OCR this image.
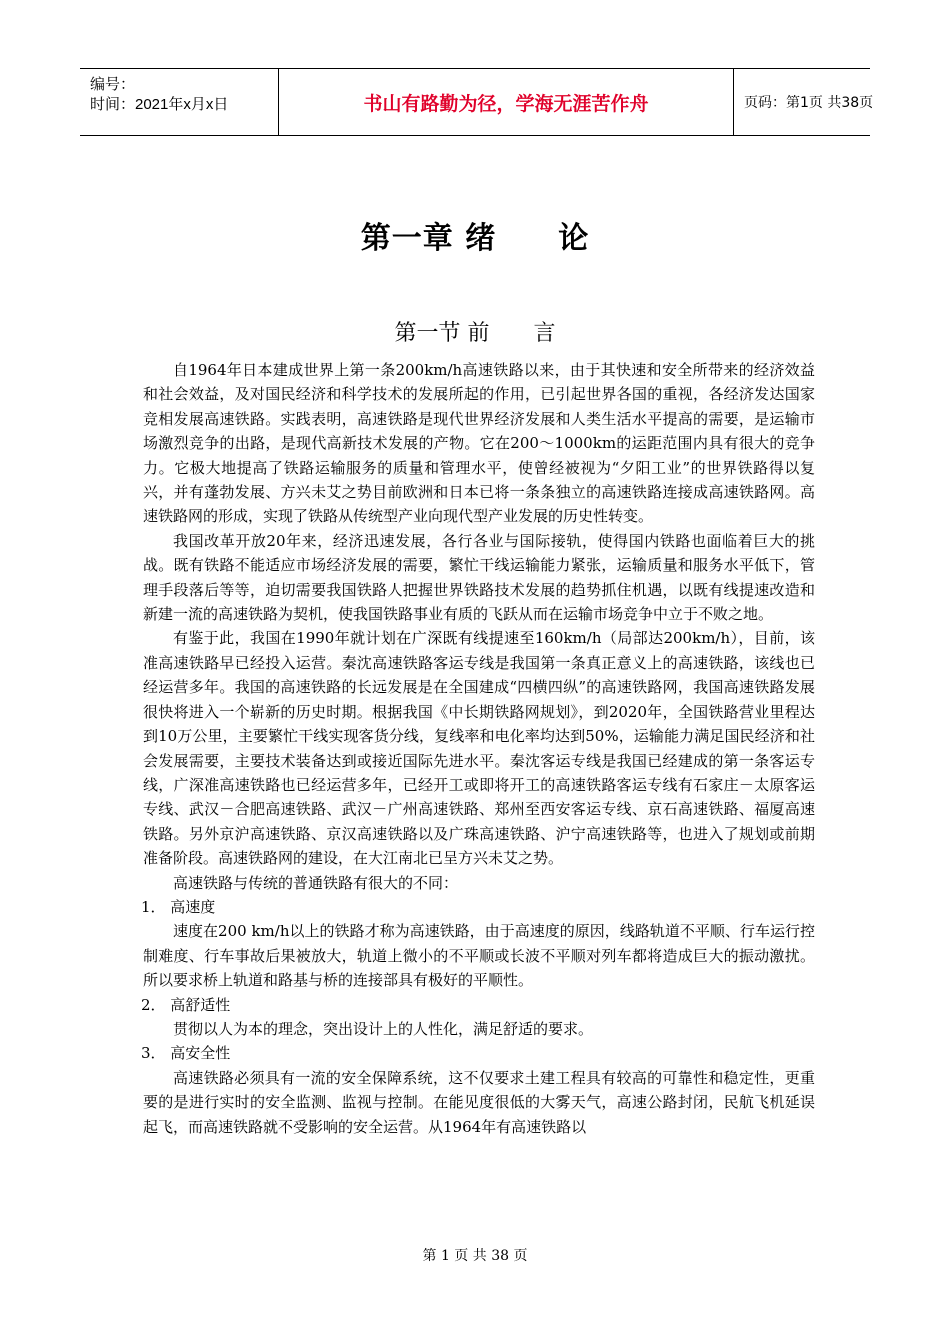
编号：
时间：2021年x月x日	书山有路勤为径，学海无涯苦作舟	页码：第1页 共38页
第一章 绪　　论
第一节 前　　言

自1964年日本建成世界上第一条200km/h高速铁路以来，由于其快速和安全所带来的经济效益和社会效益，及对国民经济和科学技术的发展所起的作用，已引起世界各国的重视，各经济发达国家竞相发展高速铁路。实践表明，高速铁路是现代世界经济发展和人类生活水平提高的需要，是运输市场激烈竞争的出路，是现代高新技术发展的产物。它在200～1000km的运距范围内具有很大的竞争力。它极大地提高了铁路运输服务的质量和管理水平，使曾经被视为“夕阳工业”的世界铁路得以复兴，并有蓬勃发展、方兴未艾之势目前欧洲和日本已将一条条独立的高速铁路连接成高速铁路网。高速铁路网的形成，实现了铁路从传统型产业向现代型产业发展的历史性转变。

我国改革开放20年来，经济迅速发展，各行各业与国际接轨，使得国内铁路也面临着巨大的挑战。既有铁路不能适应市场经济发展的需要，繁忙干线运输能力紧张，运输质量和服务水平低下，管理手段落后等等，迫切需要我国铁路人把握世界铁路技术发展的趋势抓住机遇，以既有线提速改造和新建一流的高速铁路为契机，使我国铁路事业有质的飞跃从而在运输市场竞争中立于不败之地。

有鉴于此，我国在1990年就计划在广深既有线提速至160km/h（局部达200km/h），目前，该准高速铁路早已经投入运营。秦沈高速铁路客运专线是我国第一条真正意义上的高速铁路，该线也已经运营多年。我国的高速铁路的长远发展是在全国建成“四横四纵”的高速铁路网，我国高速铁路发展很快将进入一个崭新的历史时期。根据我国《中长期铁路网规划》，到2020年，全国铁路营业里程达到10万公里，主要繁忙干线实现客货分线，复线率和电化率均达到50%，运输能力满足国民经济和社会发展需要，主要技术装备达到或接近国际先进水平。秦沈客运专线是我国已经建成的第一条客运专线，广深准高速铁路也已经运营多年，已经开工或即将开工的高速铁路客运专线有石家庄－太原客运专线、武汉－合肥高速铁路、武汉－广州高速铁路、郑州至西安客运专线、京石高速铁路、福厦高速铁路。另外京沪高速铁路、京汉高速铁路以及广珠高速铁路、沪宁高速铁路等，也进入了规划或前期准备阶段。高速铁路网的建设，在大江南北已呈方兴未艾之势。

高速铁路与传统的普通铁路有很大的不同：

1． 高速度

速度在200 km/h以上的铁路才称为高速铁路，由于高速度的原因，线路轨道不平顺、行车运行控制难度、行车事故后果被放大，轨道上微小的不平顺或长波不平顺对列车都将造成巨大的振动激扰。所以要求桥上轨道和路基与桥的连接部具有极好的平顺性。

2． 高舒适性

贯彻以人为本的理念，突出设计上的人性化，满足舒适的要求。

3． 高安全性

高速铁路必须具有一流的安全保障系统，这不仅要求土建工程具有较高的可靠性和稳定性，更重要的是进行实时的安全监测、监视与控制。在能见度很低的大雾天气，高速公路封闭，民航飞机延误起飞，而高速铁路就不受影响的安全运营。从1964年有高速铁路以

第 1 页 共 38 页
